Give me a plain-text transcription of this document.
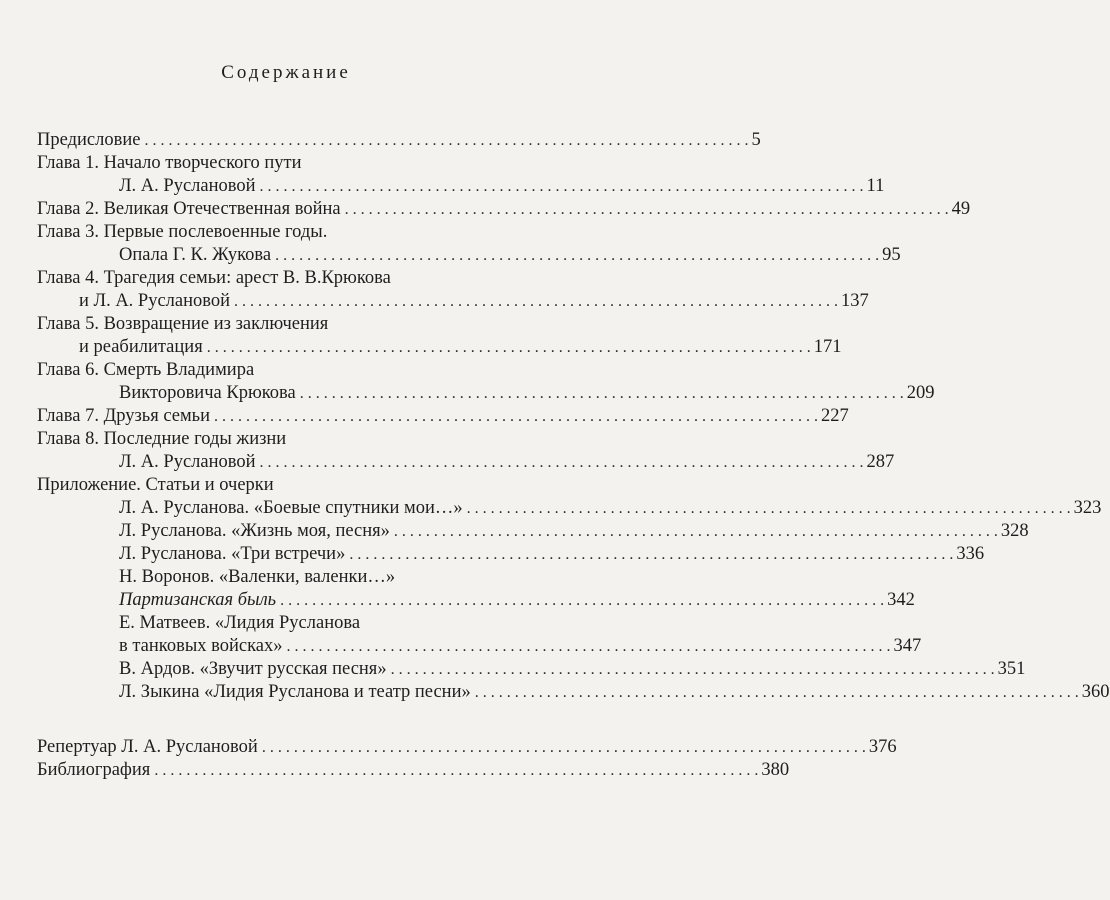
Содержание
Предисловие . . .	5
Глава 1. Начало творческого пути
Л. А. Руслановой . . .	11
Глава 2. Великая Отечественная война . . .	49
Глава 3. Первые послевоенные годы.
Опала Г. К. Жукова . . .	95
Глава 4. Трагедия семьи: арест В. В.Крюкова
и Л. А. Руслановой . . .	137
Глава 5. Возвращение из заключения
и реабилитация . . .	171
Глава 6. Смерть Владимира
Викторовича Крюкова . . .	209
Глава 7. Друзья семьи . . .	227
Глава 8. Последние годы жизни
Л. А. Руслановой . . .	287
Приложение. Статьи и очерки
Л. А. Русланова. «Боевые спутники мои…» . . .	323
Л. Русланова. «Жизнь моя, песня» . . .	328
Л. Русланова. «Три встречи» . . .	336
Н. Воронов. «Валенки, валенки…»
Партизанская быль . . .	342
Е. Матвеев. «Лидия Русланова
в танковых войсках» . . .	347
В. Ардов. «Звучит русская песня» . . .	351
Л. Зыкина «Лидия Русланова и театр песни» . . .	360
Репертуар Л. А. Руслановой . . .	376
Библиография . . .	380
